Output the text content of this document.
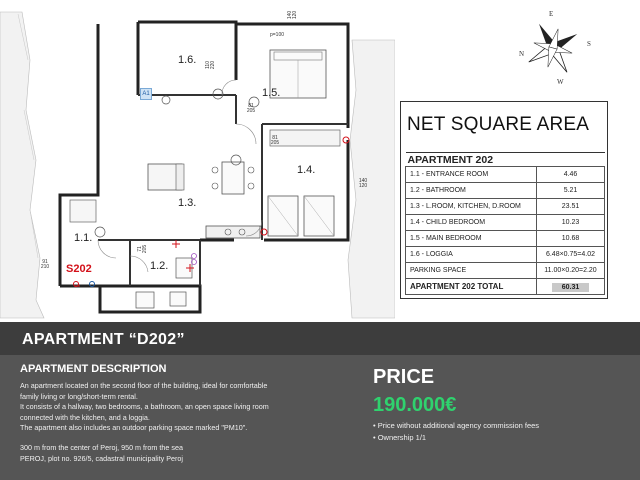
1.6.
1.5.
1.4.
1.3.
1.1.
1.2.
S202
A1
140
120
110
220
p=100
81
205
81
205
140
120
71
205
91
210
E
N
S
W
NET SQUARE AREA
APARTMENT 202	
1.1 - ENTRANCE ROOM	4.46
1.2 - BATHROOM	5.21
1.3 - L.ROOM, KITCHEN, D.ROOM	23.51
1.4 - CHILD BEDROOM	10.23
1.5 - MAIN BEDROOM	10.68
1.6 - LOGGIA	6.48×0.75=4.02
PARKING SPACE	11.00×0.20=2.20
APARTMENT 202 TOTAL	60.31
APARTMENT “D202”
APARTMENT DESCRIPTION

An apartment located on the second floor of the building, ideal for comfortable

family living or long/short-term rental.

It consists of a hallway, two bedrooms, a bathroom, an open space living room

connected with the kitchen, and a loggia.

The apartment also includes an outdoor parking space marked "PM10".

300 m from the center of Peroj, 950 m from the sea

PEROJ, plot no. 926/5, cadastral municipality Peroj

PRICE
190.000€
• Price without additional agency commission fees
• Ownership 1/1
